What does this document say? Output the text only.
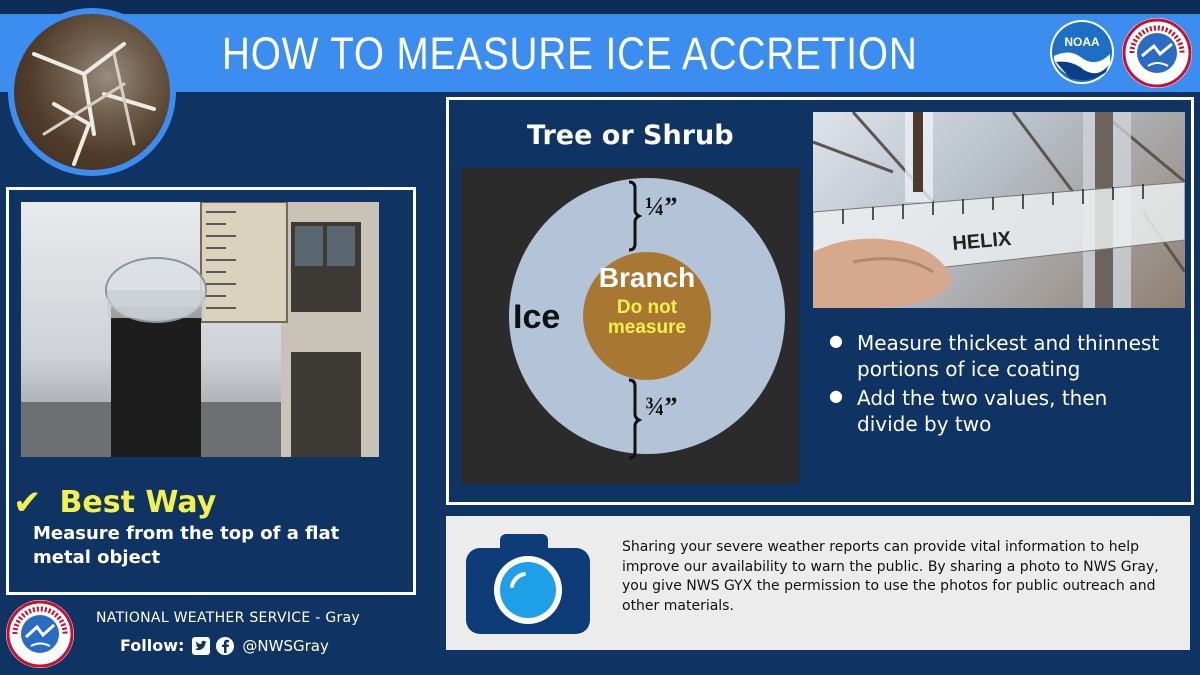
HOW TO MEASURE ICE ACCRETION	NOAA
✔ Best Way
Measure from the top of a flat metal object
Tree or Shrub
Branch
Do not measure
Ice
¼”
¾”
HELIX
● Measure thickest and thinnest portions of ice coating
● Add the two values, then divide by two
Sharing your severe weather reports can provide vital information to help improve our availability to warn the public. By sharing a photo to NWS Gray, you give NWS GYX the permission to use the photos for public outreach and other materials.
NATIONAL WEATHER SERVICE - Gray
Follow:	@NWSGray
